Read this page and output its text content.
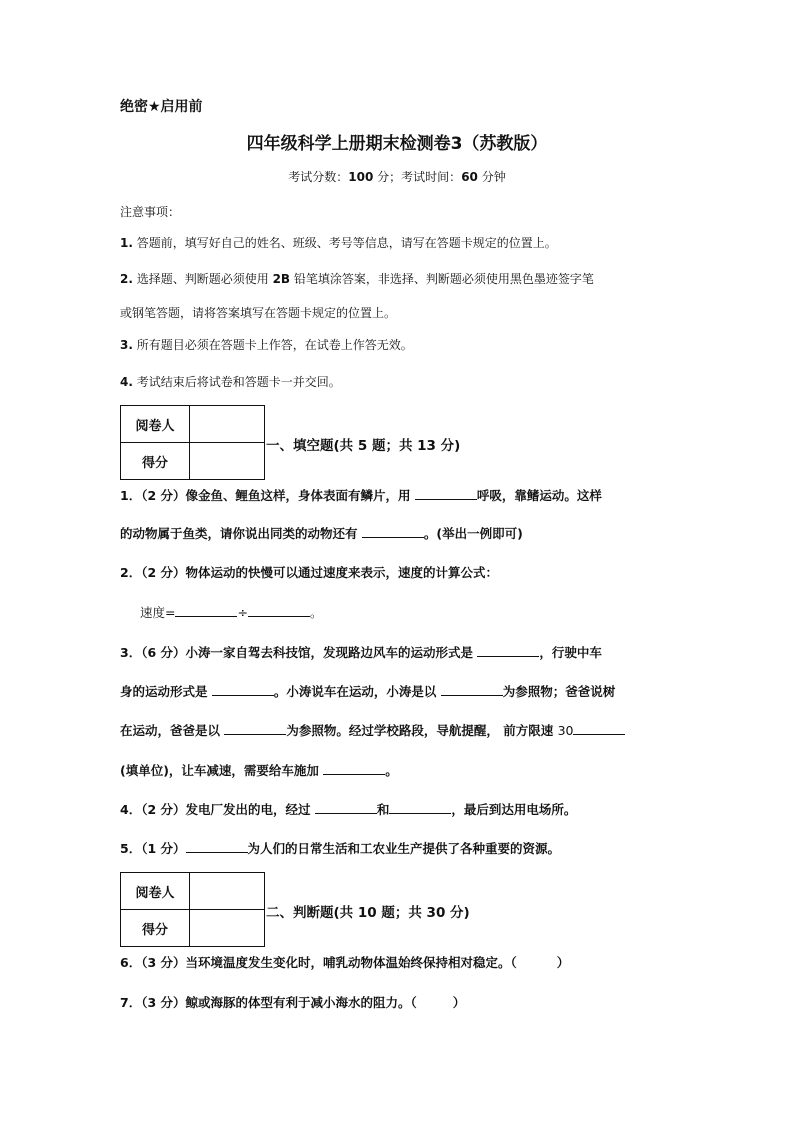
绝密★启用前
四年级科学上册期末检测卷3（苏教版）
考试分数：100 分；考试时间：60 分钟
注意事项：
1. 答题前，填写好自己的姓名、班级、考号等信息，请写在答题卡规定的位置上。
2. 选择题、判断题必须使用 2B 铅笔填涂答案，非选择、判断题必须使用黑色墨迹签字笔
或钢笔答题，请将答案填写在答题卡规定的位置上。
3. 所有题目必须在答题卡上作答，在试卷上作答无效。
4. 考试结束后将试卷和答题卡一并交回。
阅卷人	
得分	
一、填空题(共 5 题；共 13 分)
1．（2 分）像金鱼、鲤鱼这样，身体表面有鳞片，用	呼吸，靠鳍运动。这样
的动物属于鱼类，请你说出同类的动物还有	。(举出一例即可)
2．（2 分）物体运动的快慢可以通过速度来表示，速度的计算公式：
速度=	÷	。
3．（6 分）小涛一家自驾去科技馆，发现路边风车的运动形式是	，行驶中车
身的运动形式是	。小涛说车在运动，小涛是以	为参照物；爸爸说树
在运动，爸爸是以	为参照物。经过学校路段，导航提醒， 前方限速 30
(填单位)，让车减速，需要给车施加	。
4．（2 分）发电厂发出的电，经过	和	，最后到达用电场所。
5．（1 分）	为人们的日常生活和工农业生产提供了各种重要的资源。
阅卷人	
得分	
二、判断题(共 10 题；共 30 分)
6．（3 分）当环境温度发生变化时，哺乳动物体温始终保持相对稳定。（	）
7．（3 分）鲸或海豚的体型有利于减小海水的阻力。（	）
